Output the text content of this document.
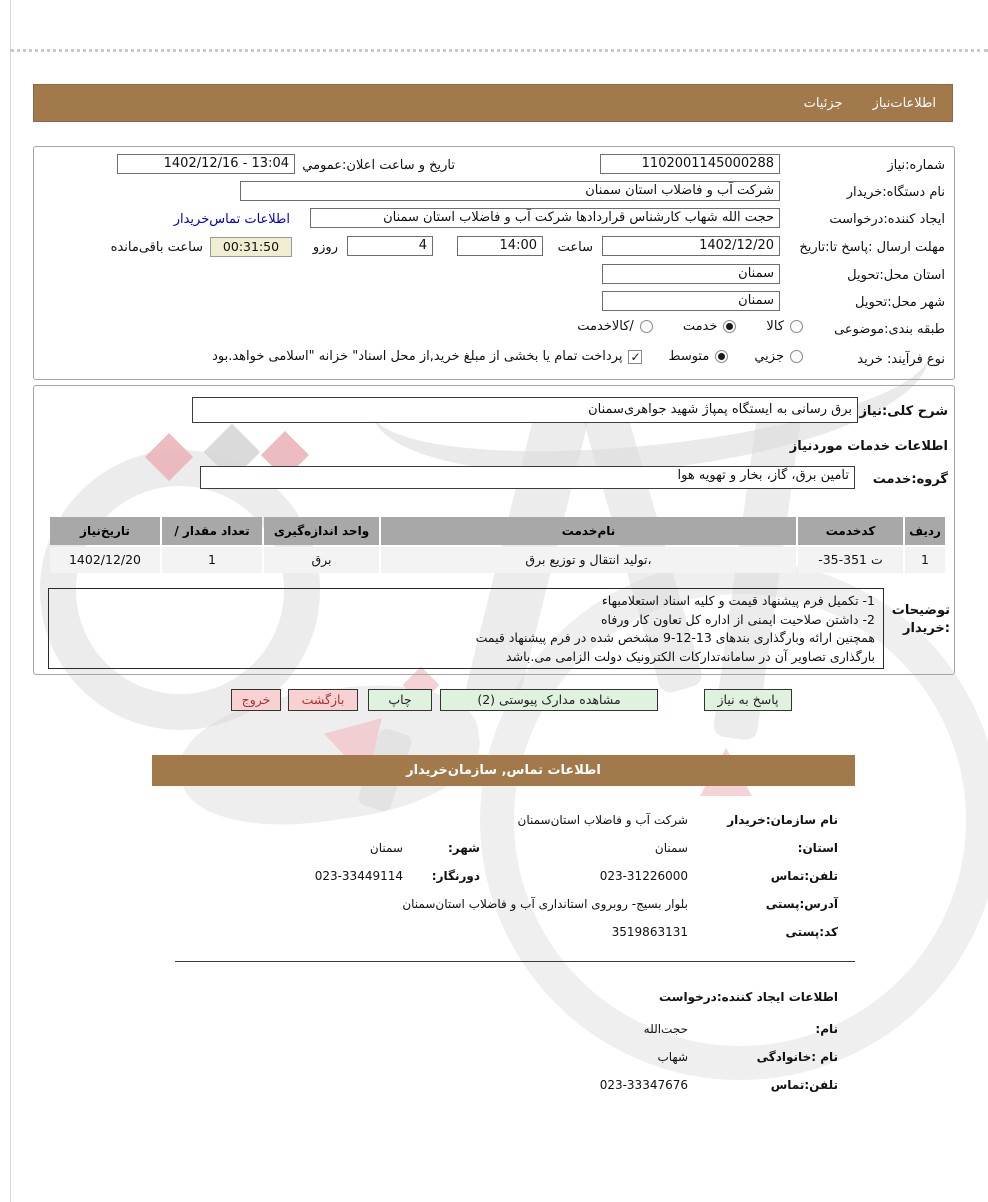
اطلاعات‌نیاز
جزئیات
شماره:نیاز
1102001145000288
تاریخ و ساعت اعلان:عمومي
13:04 - 1402/12/16
نام دستگاه:خریدار
شرکت آب و فاضلاب استان سمنان
ایجاد کننده:درخواست
حجت الله شهاب کارشناس قراردادها شرکت آب و فاضلاب استان سمنان
اطلاعات تماس‌خریدار
مهلت ارسال :پاسخ تا:تاریخ
1402/12/20
ساعت
14:00
4
روزو
00:31:50
ساعت باقی‌مانده
استان محل:تحویل
سمنان
شهر محل:تحویل
سمنان
طبقه بندی:موضوعی
کالا
خدمت
/کالاخدمت
نوع فرآیند: خرید
جزیي
متوسط
✓
پرداخت تمام یا بخشی از مبلغ خرید,از محل اسناد" خزانه "اسلامی خواهد.بود
شرح کلی:نیاز
برق رسانی به ایستگاه پمپاژ شهید جواهری‌سمنان
اطلاعات خدمات موردنیاز
گروه:خدمت
تامین برق، گاز، بخار و تهویه هوا
ردیف
کدخدمت
نام‌خدمت
واحد اندازه‌گیری
تعداد مقدار /
تاریخ‌نیاز
1
-35-351 ت
،تولید انتقال و توزیع برق
برق
1
1402/12/20
توضیحات
:خریدار
1- تکمیل فرم پیشنهاد قیمت و کلیه اسناد استعلامبهاء
2- داشتن صلاحیت ایمنی از اداره کل تعاون کار ورفاه
همچنین ارائه وبارگذاری بندهای 13-12-9 مشخص شده در فرم پیشنهاد قیمت
بارگذاری تصاویر آن در سامانه‌تدارکات الکترونیک دولت الزامی می.باشد
پاسخ به نیاز
مشاهده مدارک پیوستی (2)
چاپ
بازگشت
خروج
اطلاعات تماس, سازمان‌خریدار
نام سازمان:خریدار
شرکت آب و فاضلاب استان‌سمنان
استان:
سمنان
شهر:
سمنان
تلفن:تماس
023-31226000
دورنگار:
023-33449114
آدرس:پستی
بلوار بسیج- روبروی استانداری آب و فاضلاب استان‌سمنان
کد:پستی
3519863131
اطلاعات ایجاد کننده:درخواست
نام:
حجت‌الله
نام :خانوادگی
شهاب
تلفن:تماس
023-33347676
